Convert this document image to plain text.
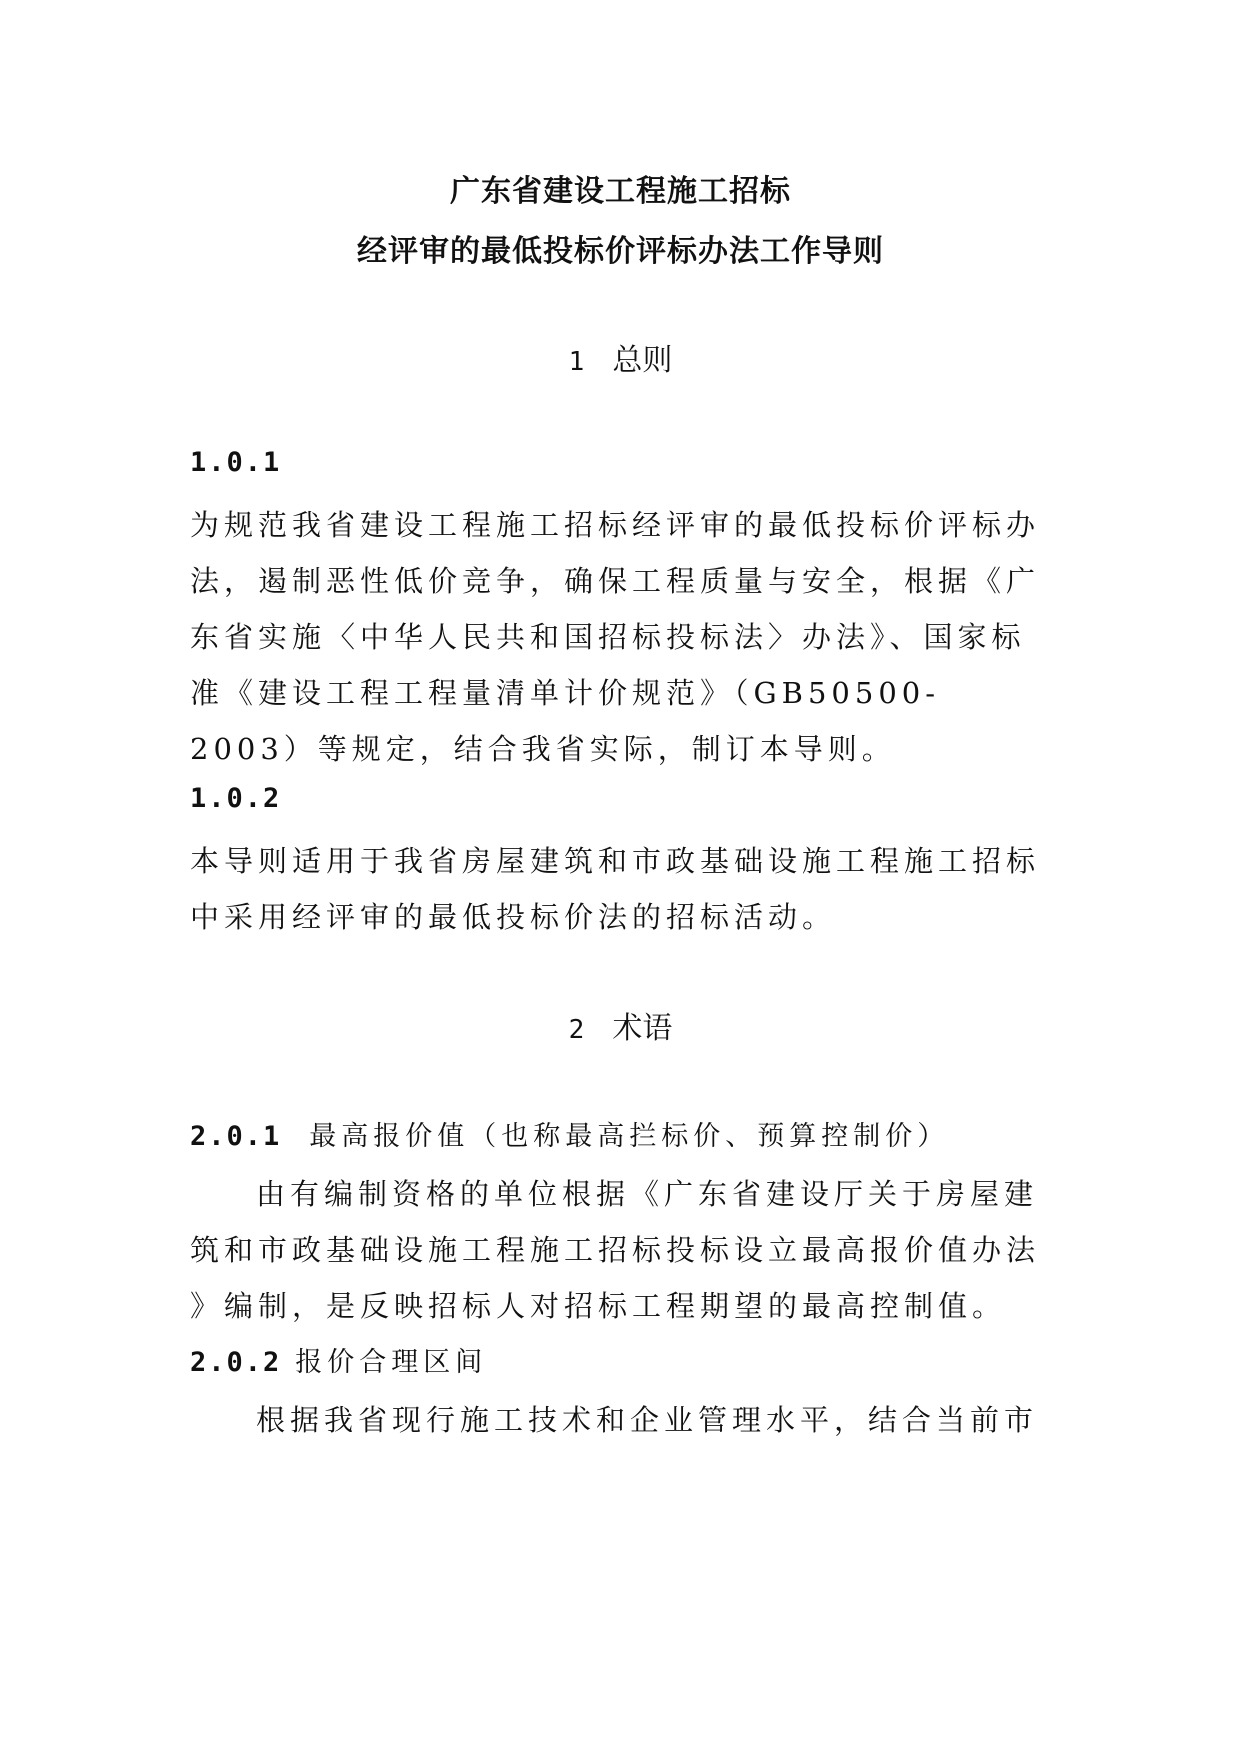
广东省建设工程施工招标
经评审的最低投标价评标办法工作导则
1 总则
1.0.1
为规范我省建设工程施工招标经评审的最低投标价评标办
法，遏制恶性低价竞争，确保工程质量与安全，根据《广
东省实施〈中华人民共和国招标投标法〉办法》、国家标
准《建设工程工程量清单计价规范》（GB50500-
2003）等规定，结合我省实际，制订本导则。
1.0.2
本导则适用于我省房屋建筑和市政基础设施工程施工招标
中采用经评审的最低投标价法的招标活动。
2 术语
2.0.1 最高报价值（也称最高拦标价、预算控制价）
由有编制资格的单位根据《广东省建设厅关于房屋建
筑和市政基础设施工程施工招标投标设立最高报价值办法
》编制，是反映招标人对招标工程期望的最高控制值。
2.0.2 报价合理区间
根据我省现行施工技术和企业管理水平，结合当前市
